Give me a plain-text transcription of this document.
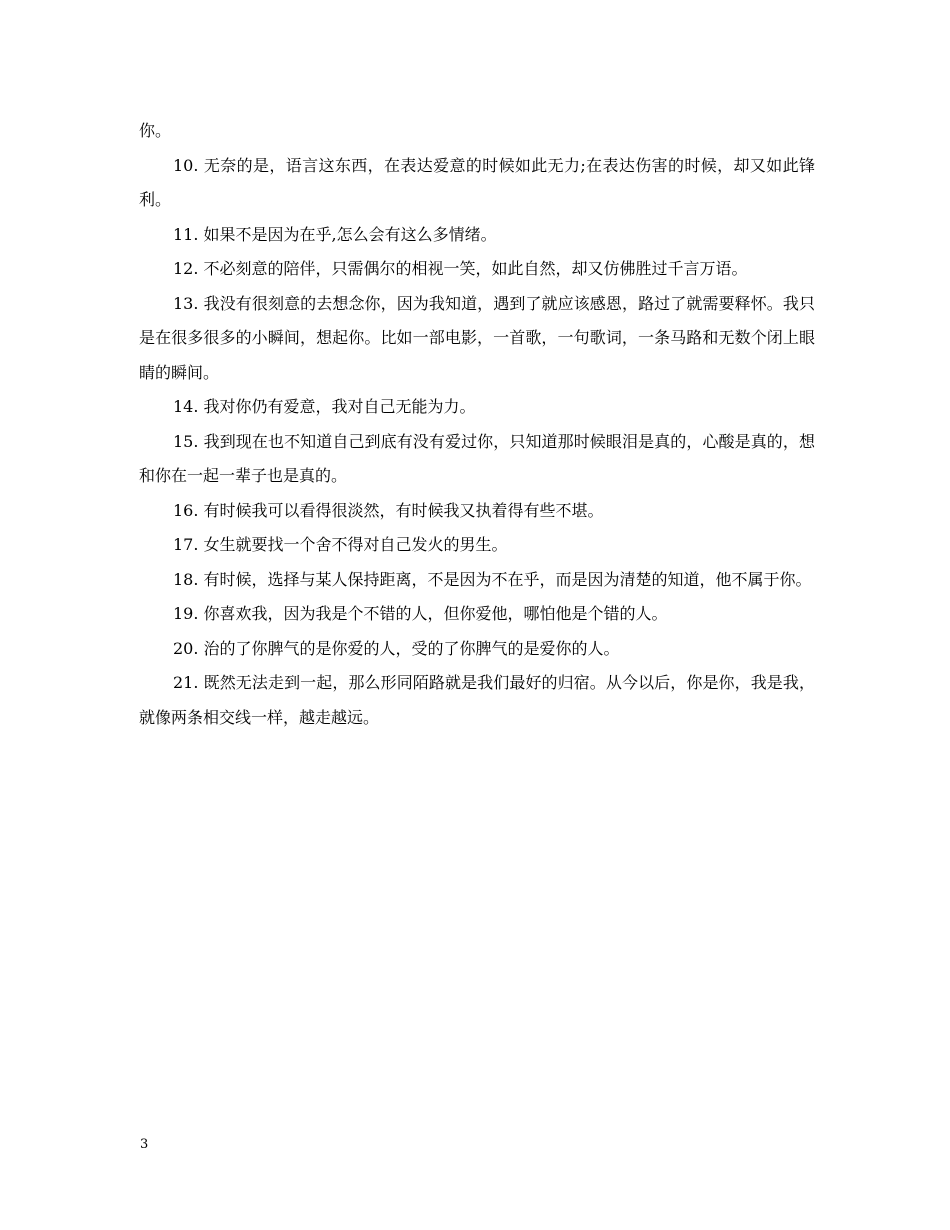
你。

10. 无奈的是，语言这东西，在表达爱意的时候如此无力;在表达伤害的时候，却又如此锋利。

11. 如果不是因为在乎,怎么会有这么多情绪。

12. 不必刻意的陪伴，只需偶尔的相视一笑，如此自然，却又仿佛胜过千言万语。

13. 我没有很刻意的去想念你，因为我知道，遇到了就应该感恩，路过了就需要释怀。我只是在很多很多的小瞬间，想起你。比如一部电影，一首歌，一句歌词，一条马路和无数个闭上眼睛的瞬间。

14. 我对你仍有爱意，我对自己无能为力。

15. 我到现在也不知道自己到底有没有爱过你，只知道那时候眼泪是真的，心酸是真的，想和你在一起一辈子也是真的。

16. 有时候我可以看得很淡然，有时候我又执着得有些不堪。

17. 女生就要找一个舍不得对自己发火的男生。

18. 有时候，选择与某人保持距离，不是因为不在乎，而是因为清楚的知道，他不属于你。

19. 你喜欢我，因为我是个不错的人，但你爱他，哪怕他是个错的人。

20. 治的了你脾气的是你爱的人，受的了你脾气的是爱你的人。

21. 既然无法走到一起，那么形同陌路就是我们最好的归宿。从今以后，你是你，我是我，就像两条相交线一样，越走越远。

3
